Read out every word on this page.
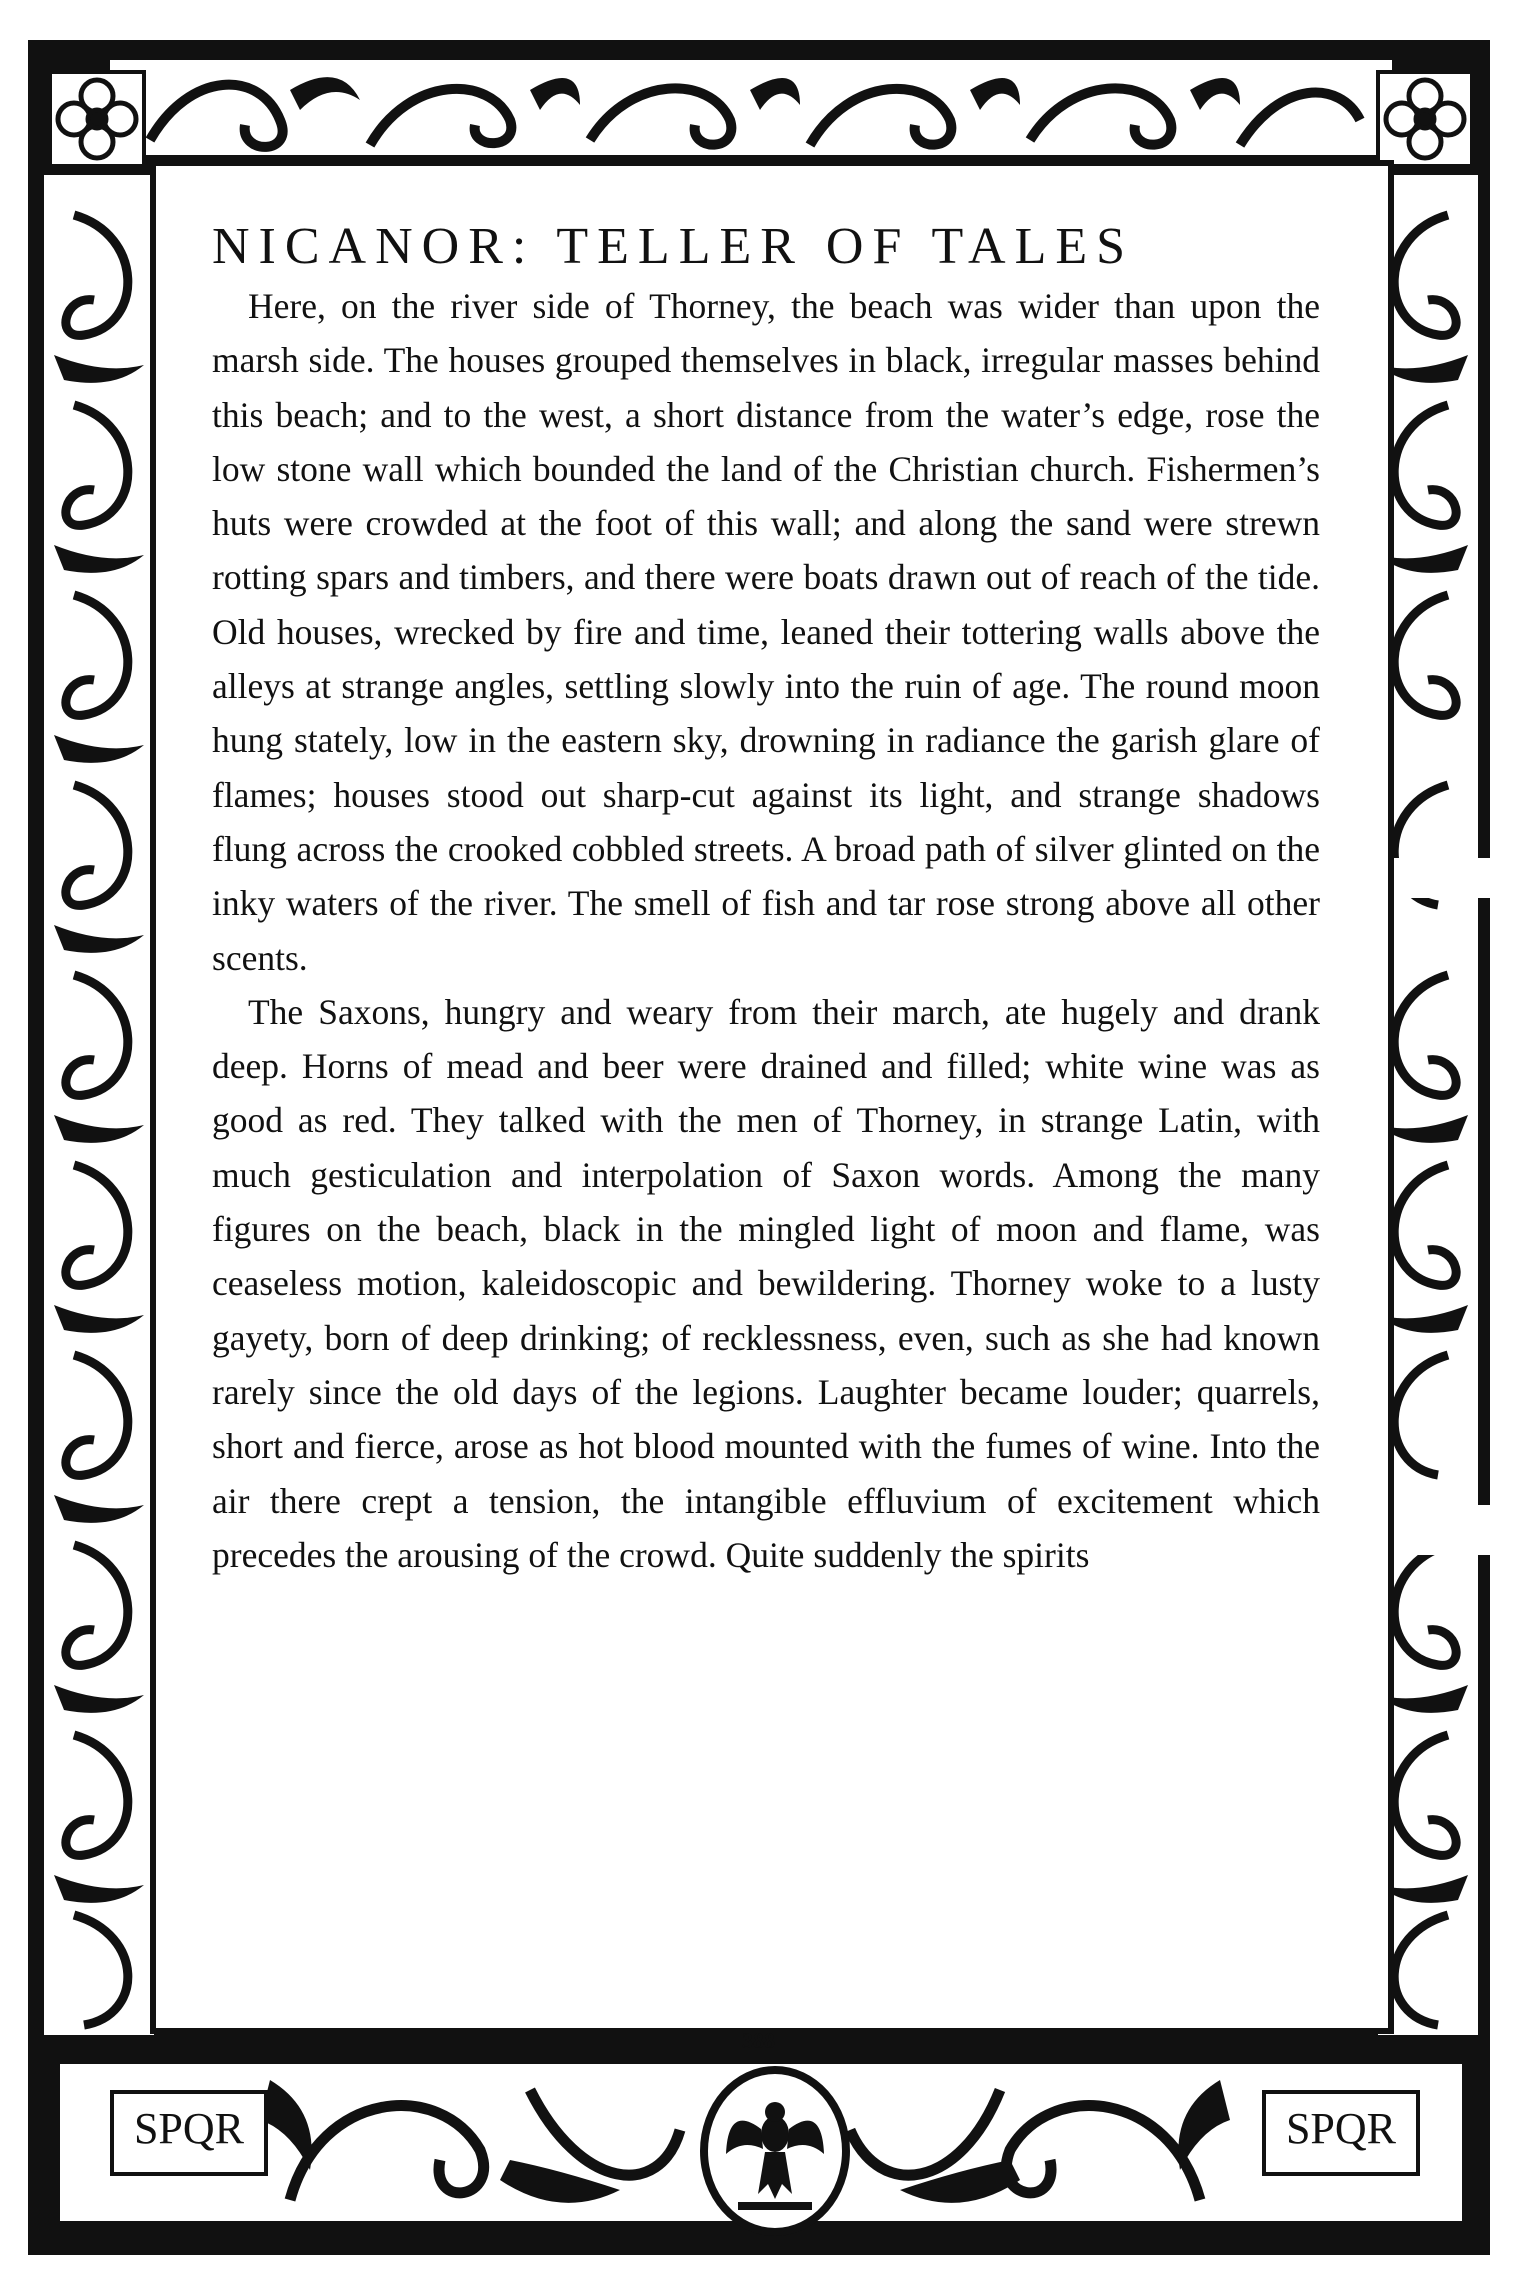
NICANOR: TELLER OF TALES

Here, on the river side of Thorney, the beach was wider than upon the marsh side. The houses grouped themselves in black, irregular masses behind this beach; and to the west, a short distance from the water’s edge, rose the low stone wall which bounded the land of the Christian church. Fishermen’s huts were crowded at the foot of this wall; and along the sand were strewn rotting spars and timbers, and there were boats drawn out of reach of the tide. Old houses, wrecked by fire and time, leaned their tottering walls above the alleys at strange angles, settling slowly into the ruin of age. The round moon hung stately, low in the eastern sky, drowning in radiance the garish glare of flames; houses stood out sharp-cut against its light, and strange shadows flung across the crooked cobbled streets. A broad path of silver glinted on the inky waters of the river. The smell of fish and tar rose strong above all other scents.

The Saxons, hungry and weary from their march, ate hugely and drank deep. Horns of mead and beer were drained and filled; white wine was as good as red. They talked with the men of Thorney, in strange Latin, with much gesticulation and interpolation of Saxon words. Among the many figures on the beach, black in the mingled light of moon and flame, was ceaseless motion, kaleidoscopic and bewildering. Thorney woke to a lusty gayety, born of deep drinking; of recklessness, even, such as she had known rarely since the old days of the legions. Laughter became louder; quarrels, short and fierce, arose as hot blood mounted with the fumes of wine. Into the air there crept a tension, the intangible effluvium of excitement which precedes the arousing of the crowd. Quite suddenly the spirits

388
SPQR	SPQR
